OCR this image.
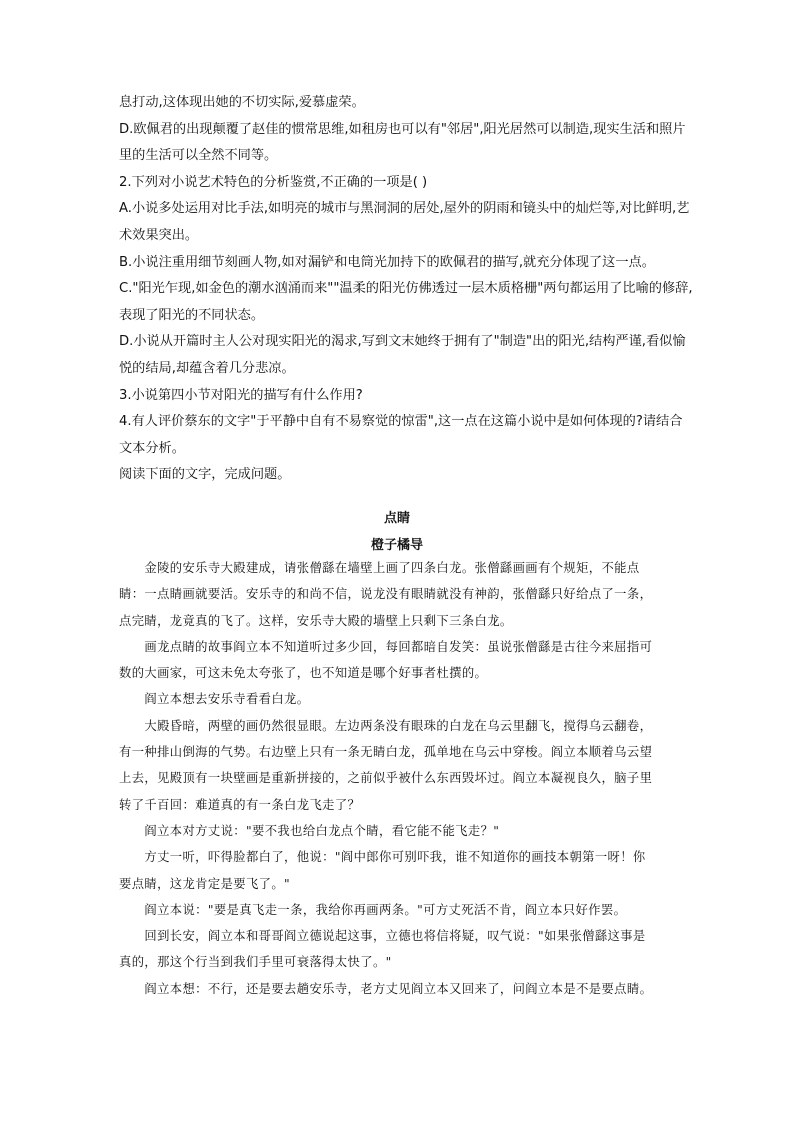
息打动,这体现出她的不切实际,爱慕虚荣。

D.欧佩君的出现颠覆了赵佳的惯常思维,如租房也可以有"邻居",阳光居然可以制造,现实生活和照片

里的生活可以全然不同等。

2.下列对小说艺术特色的分析鉴赏,不正确的一项是( )

A.小说多处运用对比手法,如明亮的城市与黑洞洞的居处,屋外的阴雨和镜头中的灿烂等,对比鲜明,艺

术效果突出。

B.小说注重用细节刻画人物,如对漏铲和电筒光加持下的欧佩君的描写,就充分体现了这一点。

C."阳光乍现,如金色的潮水汹涌而来""温柔的阳光仿佛透过一层木质格栅"两句都运用了比喻的修辞,

表现了阳光的不同状态。

D.小说从开篇时主人公对现实阳光的渴求,写到文末她终于拥有了"制造"出的阳光,结构严谨,看似愉

悦的结局,却蕴含着几分悲凉。

3.小说第四小节对阳光的描写有什么作用?

4.有人评价蔡东的文字"于平静中自有不易察觉的惊雷",这一点在这篇小说中是如何体现的?请结合

文本分析。

阅读下面的文字，完成问题。

点睛
橙子橘导

　　金陵的安乐寺大殿建成，请张僧繇在墙壁上画了四条白龙。张僧繇画画有个规矩，不能点

睛：一点睛画就要活。安乐寺的和尚不信，说龙没有眼睛就没有神韵，张僧繇只好给点了一条，

点完睛，龙竟真的飞了。这样，安乐寺大殿的墙壁上只剩下三条白龙。

　　画龙点睛的故事阎立本不知道听过多少回，每回都暗自发笑：虽说张僧繇是古往今来屈指可

数的大画家，可这未免太夸张了，也不知道是哪个好事者杜撰的。

　　阎立本想去安乐寺看看白龙。

　　大殿昏暗，两壁的画仍然很显眼。左边两条没有眼珠的白龙在乌云里翻飞，搅得乌云翻卷，

有一种排山倒海的气势。右边壁上只有一条无睛白龙，孤单地在乌云中穿梭。阎立本顺着乌云望

上去，见殿顶有一块壁画是重新拼接的，之前似乎被什么东西毁坏过。阎立本凝视良久，脑子里

转了千百回：难道真的有一条白龙飞走了？

　　阎立本对方丈说："要不我也给白龙点个睛，看它能不能飞走？"

　　方丈一听，吓得脸都白了，他说："阎中郎你可别吓我，谁不知道你的画技本朝第一呀！你

要点睛，这龙肯定是要飞了。"

　　阎立本说："要是真飞走一条，我给你再画两条。"可方丈死活不肯，阎立本只好作罢。

　　回到长安，阎立本和哥哥阎立德说起这事，立德也将信将疑，叹气说："如果张僧繇这事是

真的，那这个行当到我们手里可衰落得太快了。"

　　阎立本想：不行，还是要去趟安乐寺，老方丈见阎立本又回来了，问阎立本是不是要点睛。
